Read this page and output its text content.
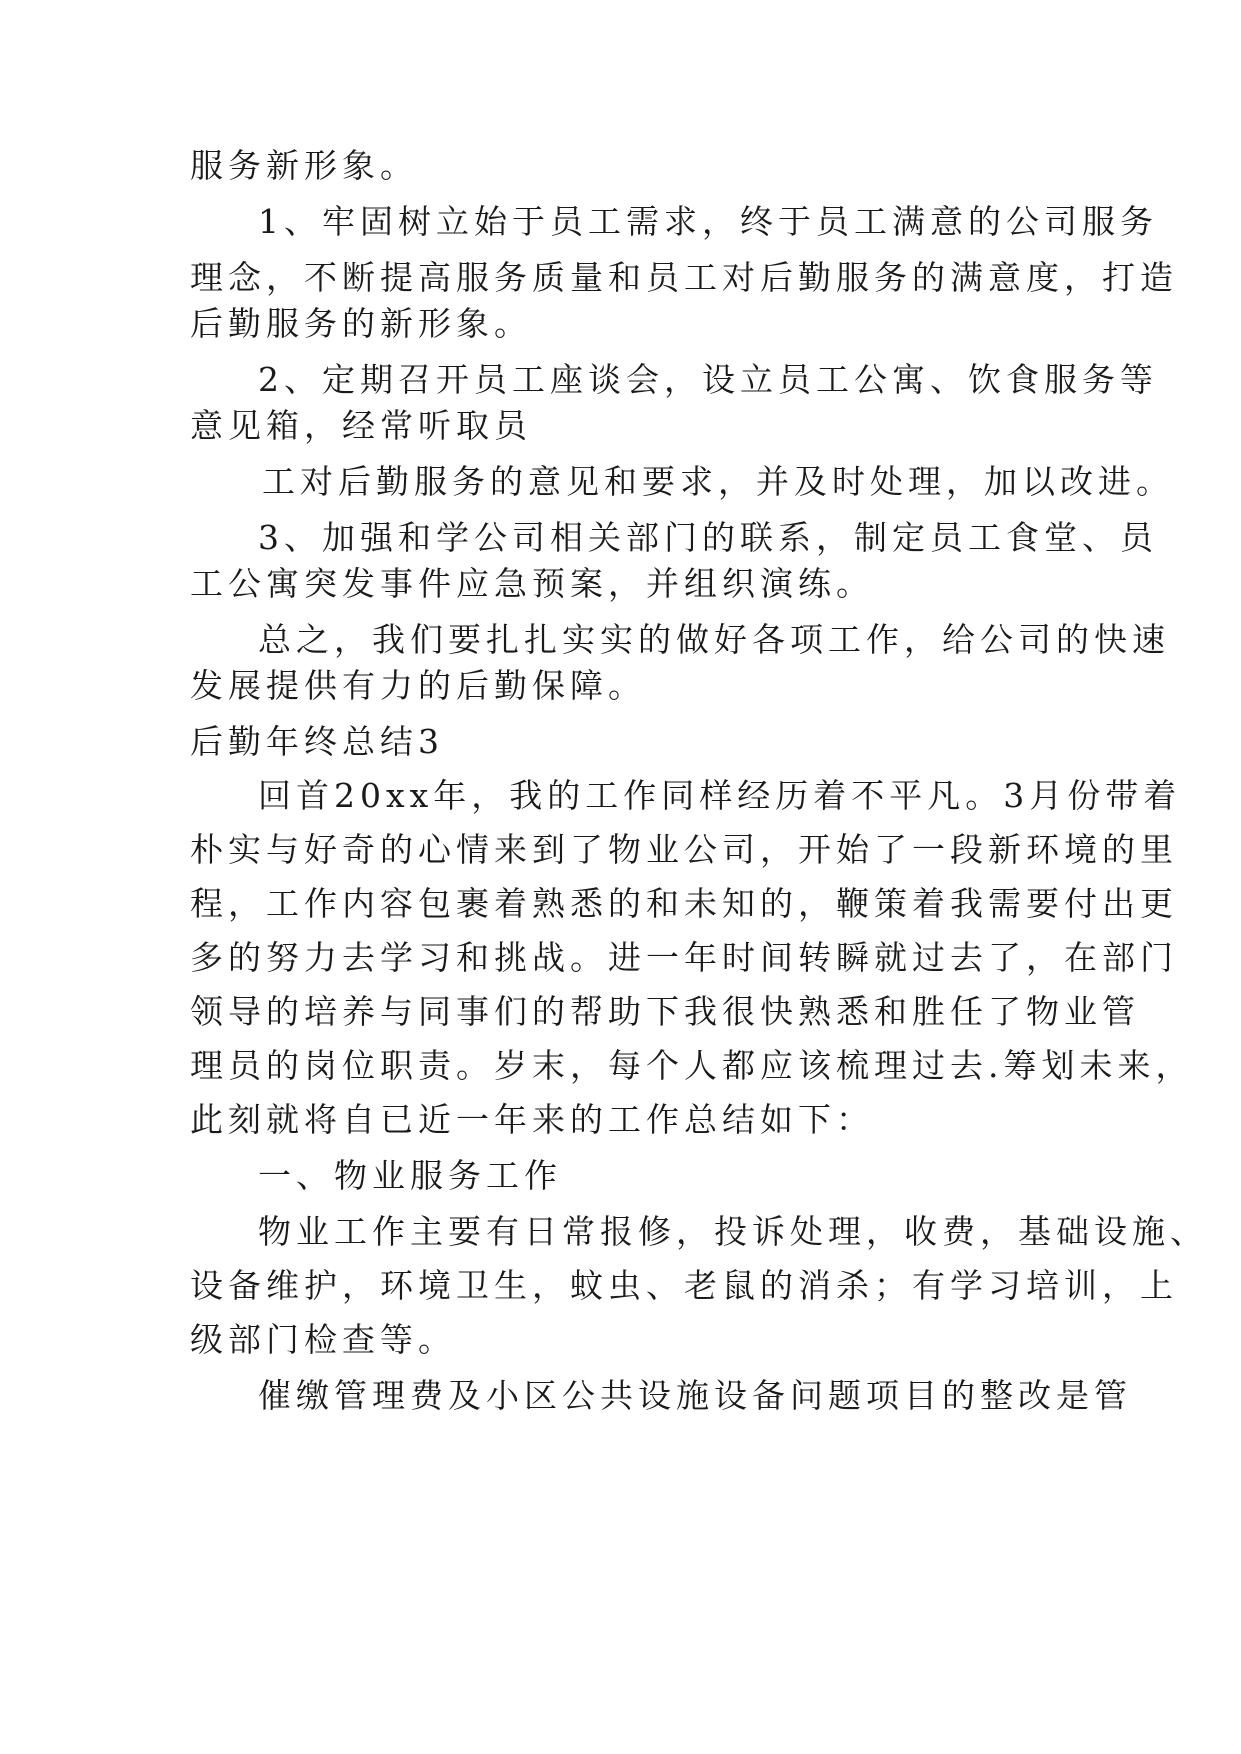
服务新形象。
1、牢固树立始于员工需求，终于员工满意的公司服务
理念，不断提高服务质量和员工对后勤服务的满意度，打造
后勤服务的新形象。
2、定期召开员工座谈会，设立员工公寓、饮食服务等
意见箱，经常听取员
工对后勤服务的意见和要求，并及时处理，加以改进。
3、加强和学公司相关部门的联系，制定员工食堂、员
工公寓突发事件应急预案，并组织演练。
总之，我们要扎扎实实的做好各项工作，给公司的快速
发展提供有力的后勤保障。
后勤年终总结3
回首20xx年，我的工作同样经历着不平凡。3月份带着
朴实与好奇的心情来到了物业公司，开始了一段新环境的里
程，工作内容包裹着熟悉的和未知的，鞭策着我需要付出更
多的努力去学习和挑战。进一年时间转瞬就过去了，在部门
领导的培养与同事们的帮助下我很快熟悉和胜任了物业管
理员的岗位职责。岁末，每个人都应该梳理过去.筹划未来，
此刻就将自已近一年来的工作总结如下：
一、物业服务工作
物业工作主要有日常报修，投诉处理，收费，基础设施、
设备维护，环境卫生，蚊虫、老鼠的消杀；有学习培训，上
级部门检查等。
催缴管理费及小区公共设施设备问题项目的整改是管
